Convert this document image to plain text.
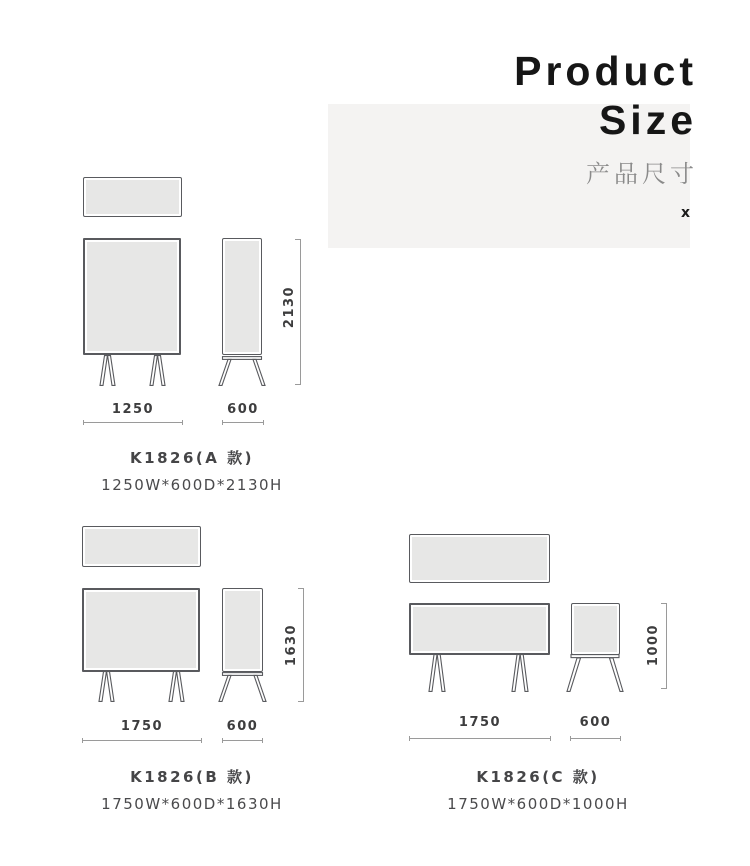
Product
Size
产品尺寸
x
2130
1250	600
K1826(A 款)
1250W*600D*2130H
1630
1750	600
K1826(B 款)
1750W*600D*1630H
1000
1750	600
K1826(C 款)
1750W*600D*1000H
